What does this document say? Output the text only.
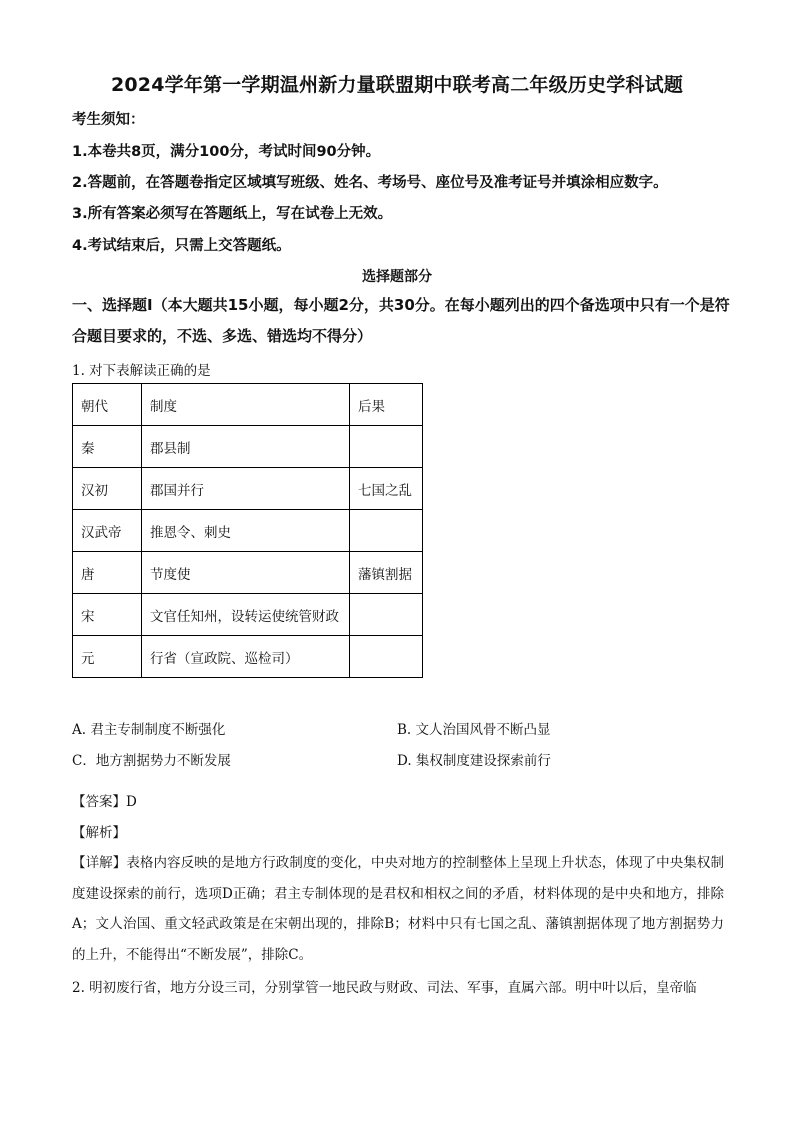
2024学年第一学期温州新力量联盟期中联考高二年级历史学科试题
考生须知：
1.本卷共8页，满分100分，考试时间90分钟。
2.答题前，在答题卷指定区域填写班级、姓名、考场号、座位号及准考证号并填涂相应数字。
3.所有答案必须写在答题纸上，写在试卷上无效。
4.考试结束后，只需上交答题纸。
选择题部分
一、选择题Ⅰ（本大题共15小题，每小题2分，共30分。在每小题列出的四个备选项中只有一个是符合题目要求的，不选、多选、错选均不得分）
1. 对下表解读正确的是
朝代	制度	后果
秦	郡县制	
汉初	郡国并行	七国之乱
汉武帝	推恩令、刺史	
唐	节度使	藩镇割据
宋	文官任知州，设转运使统管财政	
元	行省（宣政院、巡检司）	
A. 君主专制制度不断强化	B. 文人治国风骨不断凸显
C．地方割据势力不断发展	D. 集权制度建设探索前行
【答案】D
【解析】
【详解】表格内容反映的是地方行政制度的变化，中央对地方的控制整体上呈现上升状态，体现了中央集权制度建设探索的前行，选项D正确；君主专制体现的是君权和相权之间的矛盾，材料体现的是中央和地方，排除A；文人治国、重文轻武政策是在宋朝出现的，排除B；材料中只有七国之乱、藩镇割据体现了地方割据势力的上升，不能得出“不断发展”，排除C。
2. 明初废行省，地方分设三司，分别掌管一地民政与财政、司法、军事，直属六部。明中叶以后，皇帝临
